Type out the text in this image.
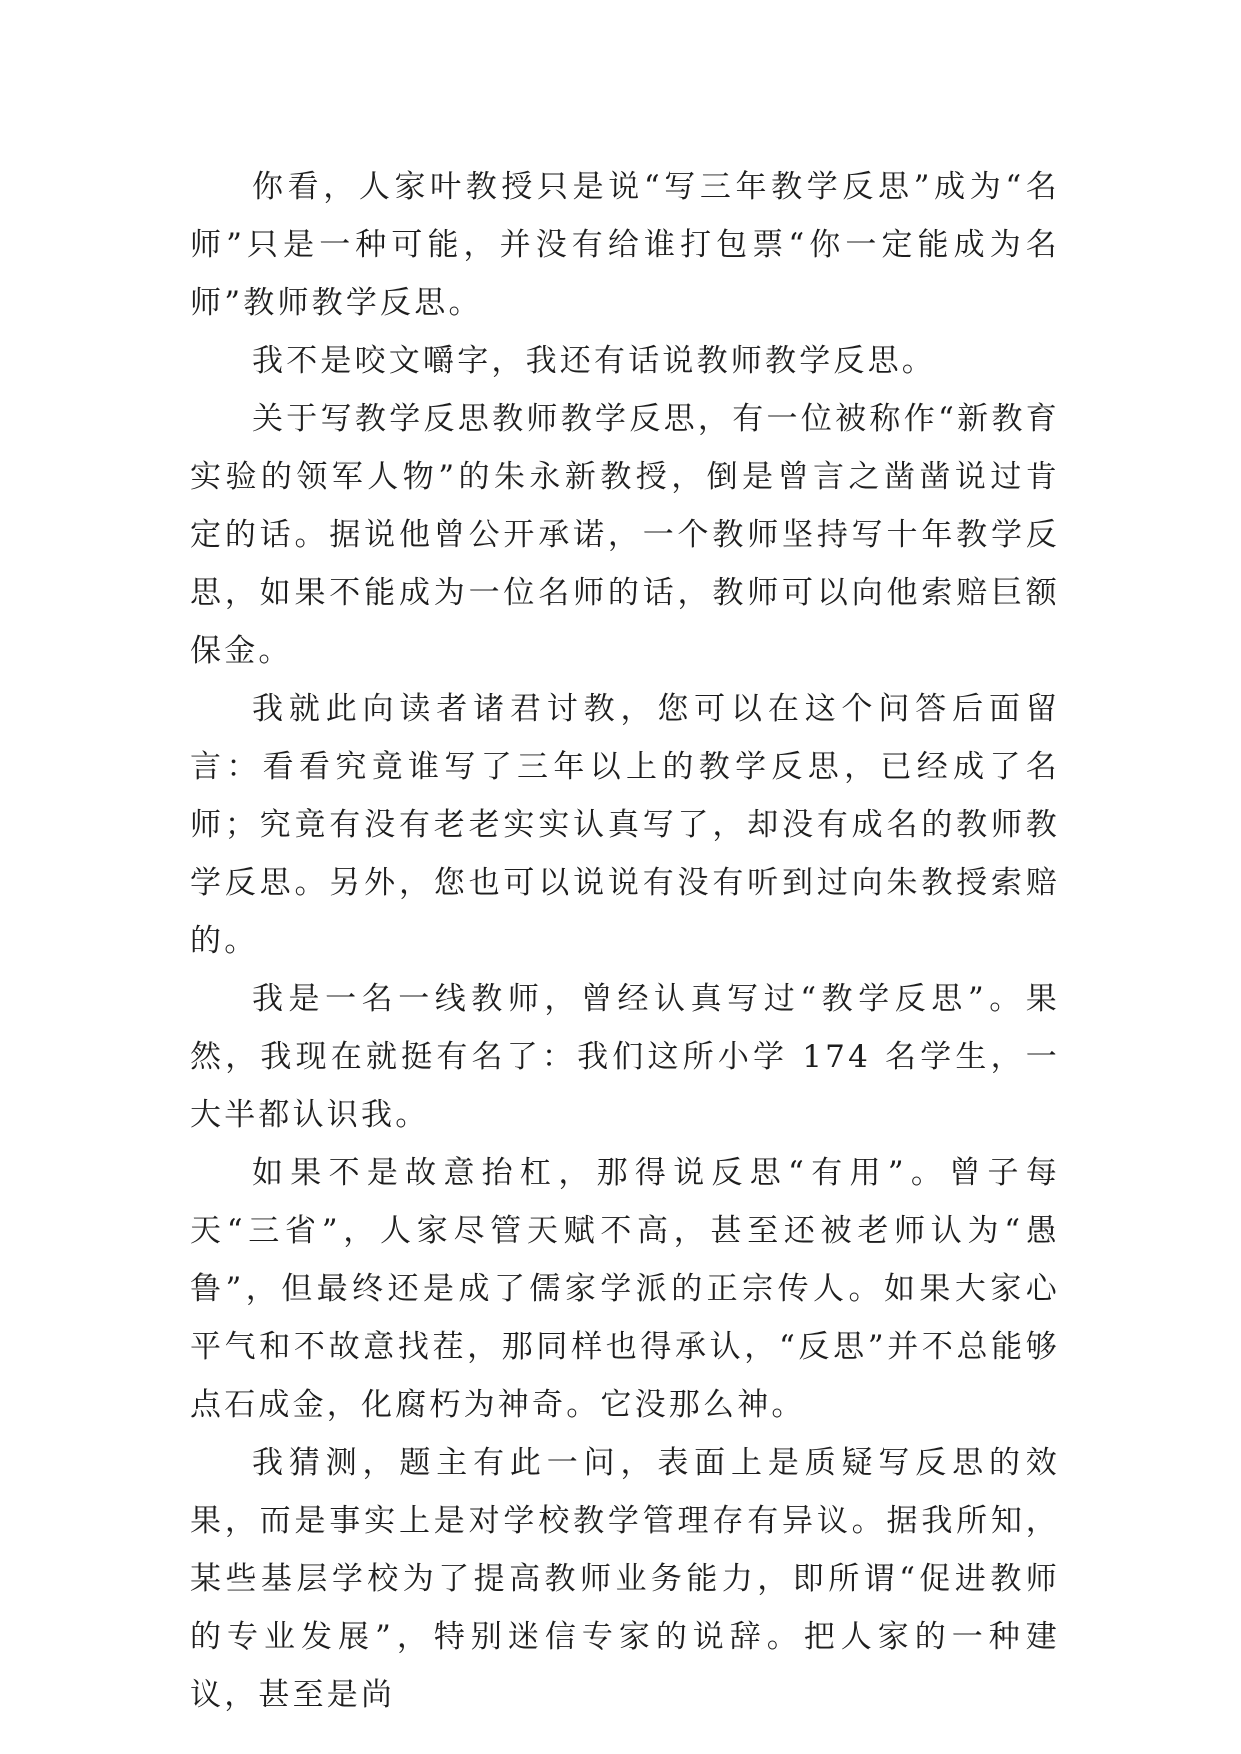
你看，人家叶教授只是说“写三年教学反思”成为“名师”只是一种可能，并没有给谁打包票“你一定能成为名师”教师教学反思。

我不是咬文嚼字，我还有话说教师教学反思。

关于写教学反思教师教学反思，有一位被称作“新教育实验的领军人物”的朱永新教授，倒是曾言之凿凿说过肯定的话。据说他曾公开承诺，一个教师坚持写十年教学反思，如果不能成为一位名师的话，教师可以向他索赔巨额保金。

我就此向读者诸君讨教，您可以在这个问答后面留言：看看究竟谁写了三年以上的教学反思，已经成了名师；究竟有没有老老实实认真写了，却没有成名的教师教学反思。另外，您也可以说说有没有听到过向朱教授索赔的。

我是一名一线教师，曾经认真写过“教学反思”。果然，我现在就挺有名了：我们这所小学 174 名学生，一大半都认识我。

如果不是故意抬杠，那得说反思“有用”。曾子每天“三省”，人家尽管天赋不高，甚至还被老师认为“愚鲁”，但最终还是成了儒家学派的正宗传人。如果大家心平气和不故意找茬，那同样也得承认，“反思”并不总能够点石成金，化腐朽为神奇。它没那么神。

我猜测，题主有此一问，表面上是质疑写反思的效果，而是事实上是对学校教学管理存有异议。据我所知，某些基层学校为了提高教师业务能力，即所谓“促进教师的专业发展”，特别迷信专家的说辞。把人家的一种建议，甚至是尚
